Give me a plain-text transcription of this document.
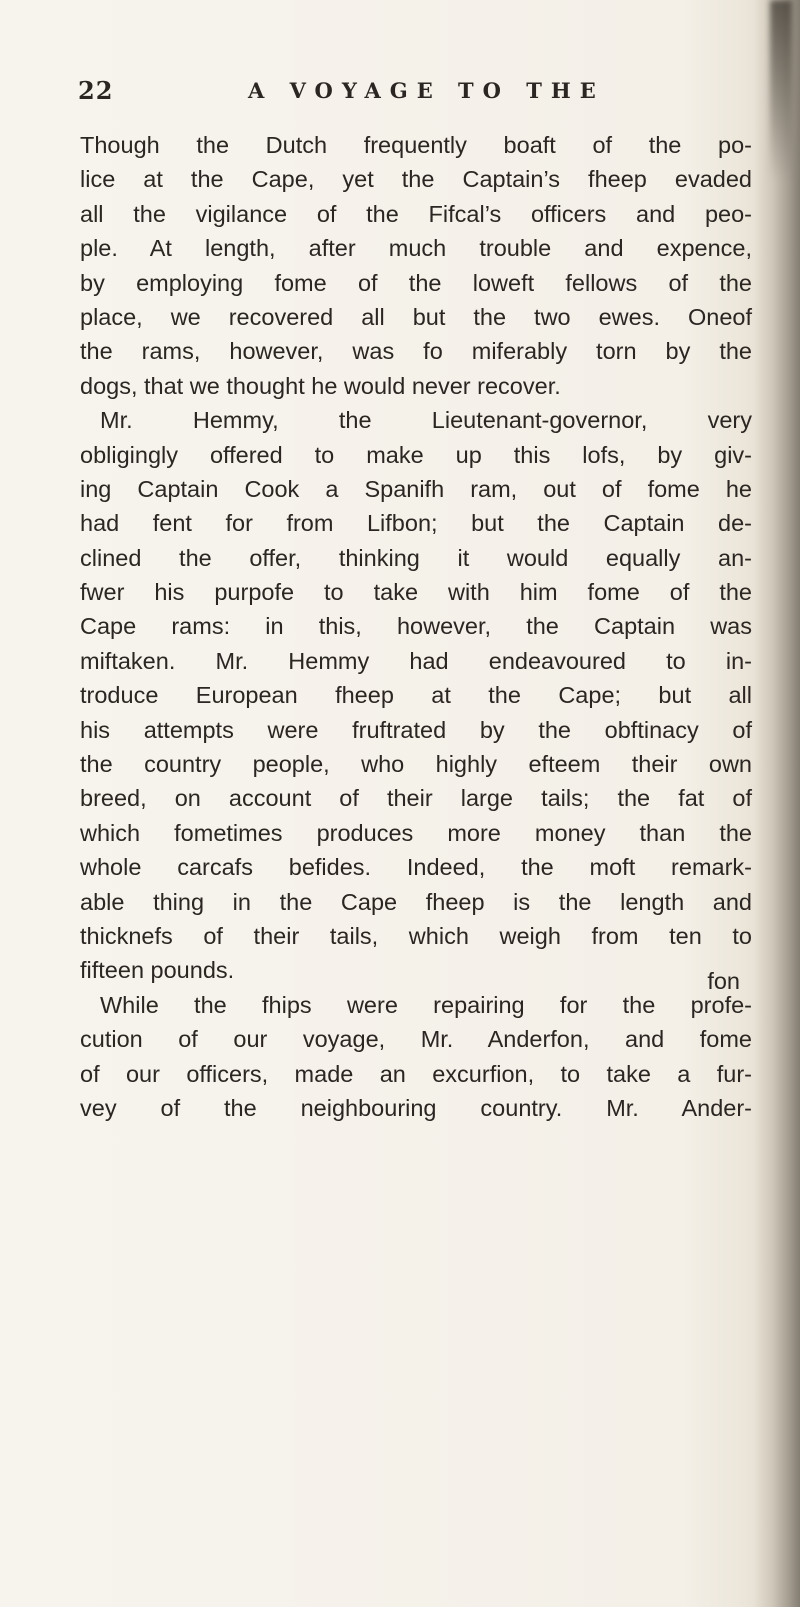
22	A VOYAGE TO THE
Though the Dutch frequently boaft of the po-
lice at the Cape, yet the Captain’s fheep evaded
all the vigilance of the Fifcal’s officers and peo-
ple. At length, after much trouble and expence,
by employing fome of the loweft fellows of the
place, we recovered all but the two ewes. Oneof
the rams, however, was fo miferably torn by the
dogs, that we thought he would never recover.
Mr. Hemmy, the Lieutenant-governor, very
obligingly offered to make up this lofs, by giv-
ing Captain Cook a Spanifh ram, out of fome he
had fent for from Lifbon; but the Captain de-
clined the offer, thinking it would equally an-
fwer his purpofe to take with him fome of the
Cape rams: in this, however, the Captain was
miftaken. Mr. Hemmy had endeavoured to in-
troduce European fheep at the Cape; but all
his attempts were fruftrated by the obftinacy of
the country people, who highly efteem their own
breed, on account of their large tails; the fat of
which fometimes produces more money than the
whole carcafs befides. Indeed, the moft remark-
able thing in the Cape fheep is the length and
thicknefs of their tails, which weigh from ten to
fifteen pounds.
While the fhips were repairing for the profe-
cution of our voyage, Mr. Anderfon, and fome
of our officers, made an excurfion, to take a fur-
vey of the neighbouring country. Mr. Ander-
fon
